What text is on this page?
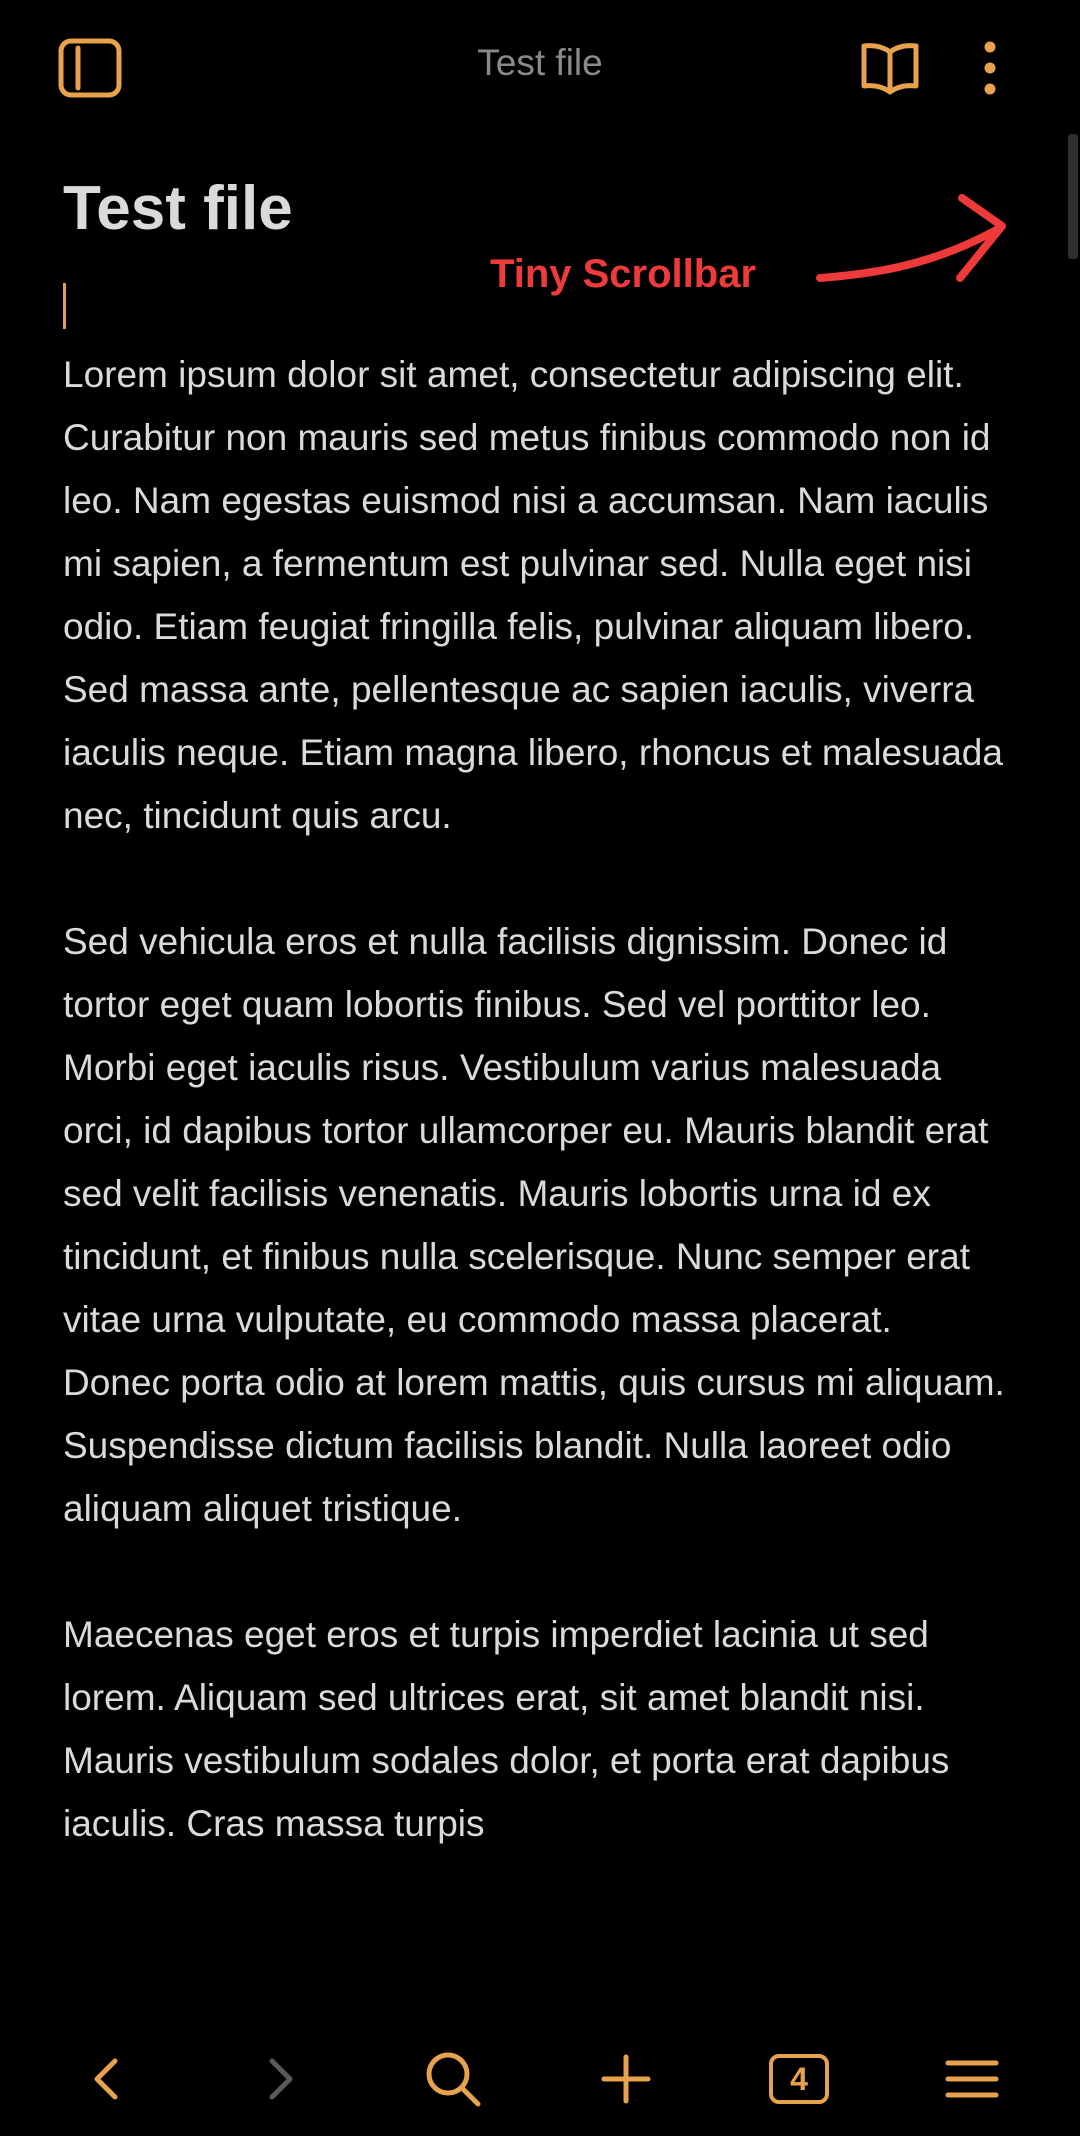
Test file
Test file

Lorem ipsum dolor sit amet, consectetur adipiscing elit. Curabitur non mauris sed metus finibus commodo non id leo. Nam egestas euismod nisi a accumsan. Nam iaculis mi sapien, a fermentum est pulvinar sed. Nulla eget nisi odio. Etiam feugiat fringilla felis, pulvinar aliquam libero. Sed massa ante, pellentesque ac sapien iaculis, viverra iaculis neque. Etiam magna libero, rhoncus et malesuada nec, tincidunt quis arcu.

Sed vehicula eros et nulla facilisis dignissim. Donec id tortor eget quam lobortis finibus. Sed vel porttitor leo. Morbi eget iaculis risus. Vestibulum varius malesuada orci, id dapibus tortor ullamcorper eu. Mauris blandit erat sed velit facilisis venenatis. Mauris lobortis urna id ex tincidunt, et finibus nulla scelerisque. Nunc semper erat vitae urna vulputate, eu commodo massa placerat. Donec porta odio at lorem mattis, quis cursus mi aliquam. Suspendisse dictum facilisis blandit. Nulla laoreet odio aliquam aliquet tristique.

Maecenas eget eros et turpis imperdiet lacinia ut sed lorem. Aliquam sed ultrices erat, sit amet blandit nisi. Mauris vestibulum sodales dolor, et porta erat dapibus iaculis. Cras massa turpis

Tiny Scrollbar
4
